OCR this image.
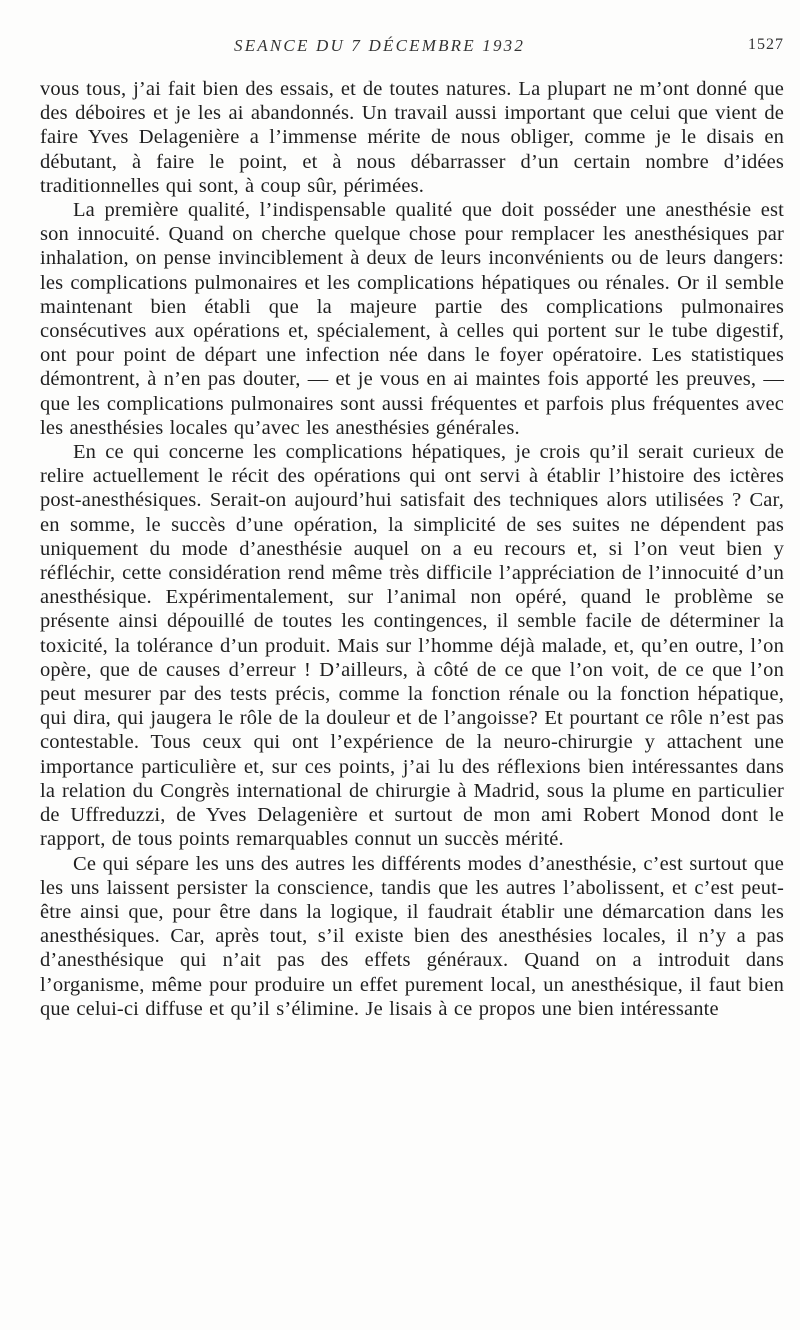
SEANCE DU 7 DÉCEMBRE 1932	1527

vous tous, j’ai fait bien des essais, et de toutes natures. La plupart ne m’ont donné que des déboires et je les ai abandonnés. Un travail aussi important que celui que vient de faire Yves Delagenière a l’immense mérite de nous obliger, comme je le disais en débutant, à faire le point, et à nous débarrasser d’un certain nombre d’idées traditionnelles qui sont, à coup sûr, périmées.

La première qualité, l’indispensable qualité que doit posséder une anesthésie est son innocuité. Quand on cherche quelque chose pour remplacer les anesthésiques par inhalation, on pense invinciblement à deux de leurs inconvénients ou de leurs dangers: les complications pulmonaires et les complications hépatiques ou rénales. Or il semble maintenant bien établi que la majeure partie des complications pulmonaires consécutives aux opérations et, spécialement, à celles qui portent sur le tube digestif, ont pour point de départ une infection née dans le foyer opératoire. Les statistiques démontrent, à n’en pas douter, — et je vous en ai maintes fois apporté les preuves, — que les complications pulmonaires sont aussi fréquentes et parfois plus fréquentes avec les anesthésies locales qu’avec les anesthésies générales.

En ce qui concerne les complications hépatiques, je crois qu’il serait curieux de relire actuellement le récit des opérations qui ont servi à établir l’histoire des ictères post-anesthésiques. Serait-on aujourd’hui satisfait des techniques alors utilisées ? Car, en somme, le succès d’une opération, la simplicité de ses suites ne dépendent pas uniquement du mode d’anesthésie auquel on a eu recours et, si l’on veut bien y réfléchir, cette considération rend même très difficile l’appréciation de l’innocuité d’un anesthésique. Expérimentalement, sur l’animal non opéré, quand le problème se présente ainsi dépouillé de toutes les contingences, il semble facile de déterminer la toxicité, la tolérance d’un produit. Mais sur l’homme déjà malade, et, qu’en outre, l’on opère, que de causes d’erreur ! D’ailleurs, à côté de ce que l’on voit, de ce que l’on peut mesurer par des tests précis, comme la fonction rénale ou la fonction hépatique, qui dira, qui jaugera le rôle de la douleur et de l’angoisse? Et pourtant ce rôle n’est pas contestable. Tous ceux qui ont l’expérience de la neuro-chirurgie y attachent une importance particulière et, sur ces points, j’ai lu des réflexions bien intéressantes dans la relation du Congrès international de chirurgie à Madrid, sous la plume en particulier de Uffreduzzi, de Yves Delagenière et surtout de mon ami Robert Monod dont le rapport, de tous points remarquables connut un succès mérité.

Ce qui sépare les uns des autres les différents modes d’anesthésie, c’est surtout que les uns laissent persister la conscience, tandis que les autres l’abolissent, et c’est peut-être ainsi que, pour être dans la logique, il faudrait établir une démarcation dans les anesthésiques. Car, après tout, s’il existe bien des anesthésies locales, il n’y a pas d’anesthésique qui n’ait pas des effets généraux. Quand on a introduit dans l’organisme, même pour produire un effet purement local, un anesthésique, il faut bien que celui-ci diffuse et qu’il s’élimine. Je lisais à ce propos une bien intéressante
